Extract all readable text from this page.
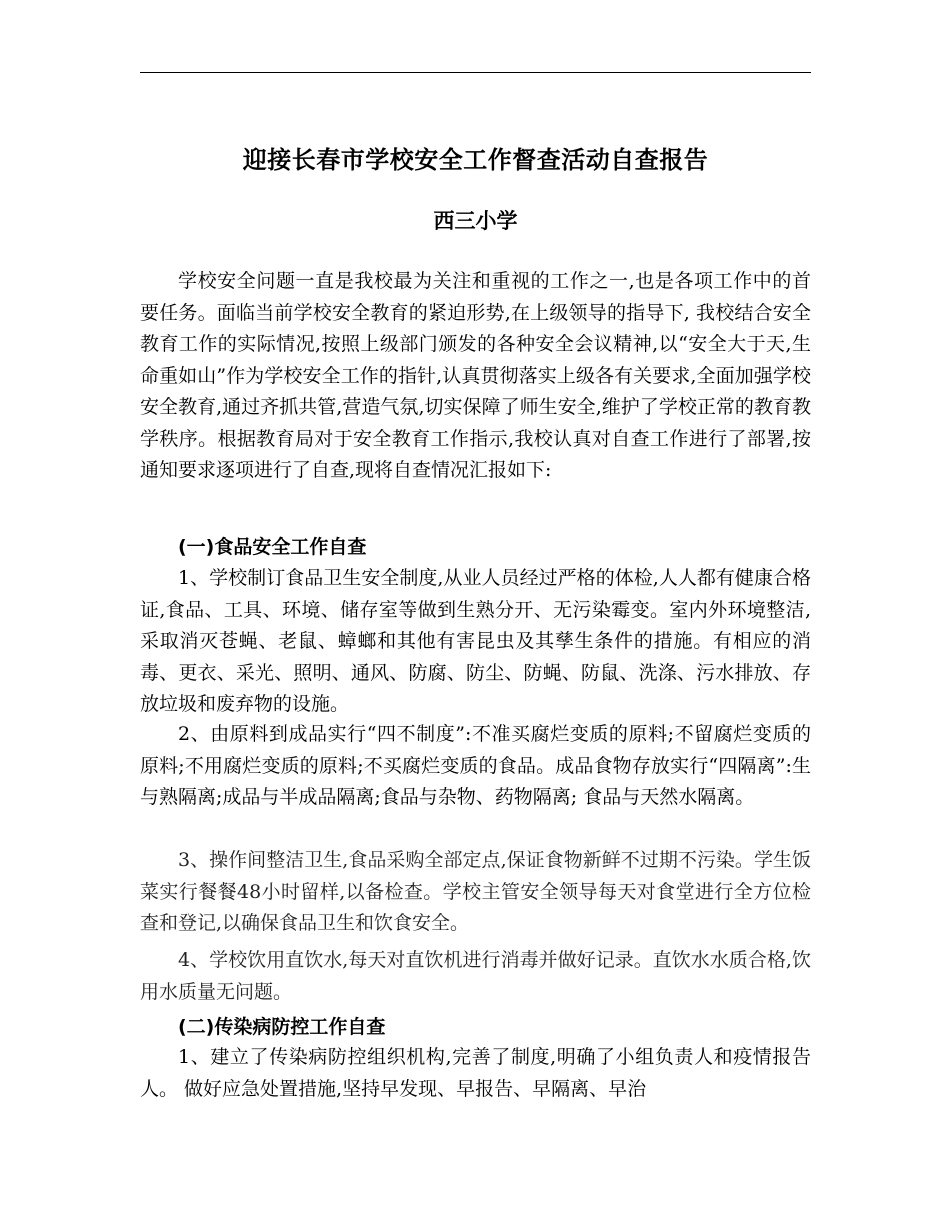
迎接长春市学校安全工作督查活动自查报告
西三小学

学校安全问题一直是我校最为关注和重视的工作之一,也是各项工作中的首要任务。面临当前学校安全教育的紧迫形势,在上级领导的指导下, 我校结合安全教育工作的实际情况,按照上级部门颁发的各种安全会议精神,以“安全大于天,生命重如山”作为学校安全工作的指针,认真贯彻落实上级各有关要求,全面加强学校安全教育,通过齐抓共管,营造气氛,切实保障了师生安全,维护了学校正常的教育教学秩序。根据教育局对于安全教育工作指示,我校认真对自查工作进行了部署,按通知要求逐项进行了自查,现将自查情况汇报如下:

(一)食品安全工作自查

1、学校制订食品卫生安全制度,从业人员经过严格的体检,人人都有健康合格证,食品、工具、环境、储存室等做到生熟分开、无污染霉变。室内外环境整洁,采取消灭苍蝇、老鼠、蟑螂和其他有害昆虫及其孳生条件的措施。有相应的消毒、更衣、采光、照明、通风、防腐、防尘、防蝇、防鼠、洗涤、污水排放、存放垃圾和废弃物的设施。

2、由原料到成品实行“四不制度”:不准买腐烂变质的原料;不留腐烂变质的原料;不用腐烂变质的原料;不买腐烂变质的食品。成品食物存放实行“四隔离”:生与熟隔离;成品与半成品隔离;食品与杂物、药物隔离; 食品与天然水隔离。

3、操作间整洁卫生,食品采购全部定点,保证食物新鲜不过期不污染。学生饭菜实行餐餐48小时留样,以备检查。学校主管安全领导每天对食堂进行全方位检查和登记,以确保食品卫生和饮食安全。

4、学校饮用直饮水,每天对直饮机进行消毒并做好记录。直饮水水质合格,饮用水质量无问题。

(二)传染病防控工作自查

1、建立了传染病防控组织机构,完善了制度,明确了小组负责人和疫情报告人。 做好应急处置措施,坚持早发现、早报告、早隔离、早治
